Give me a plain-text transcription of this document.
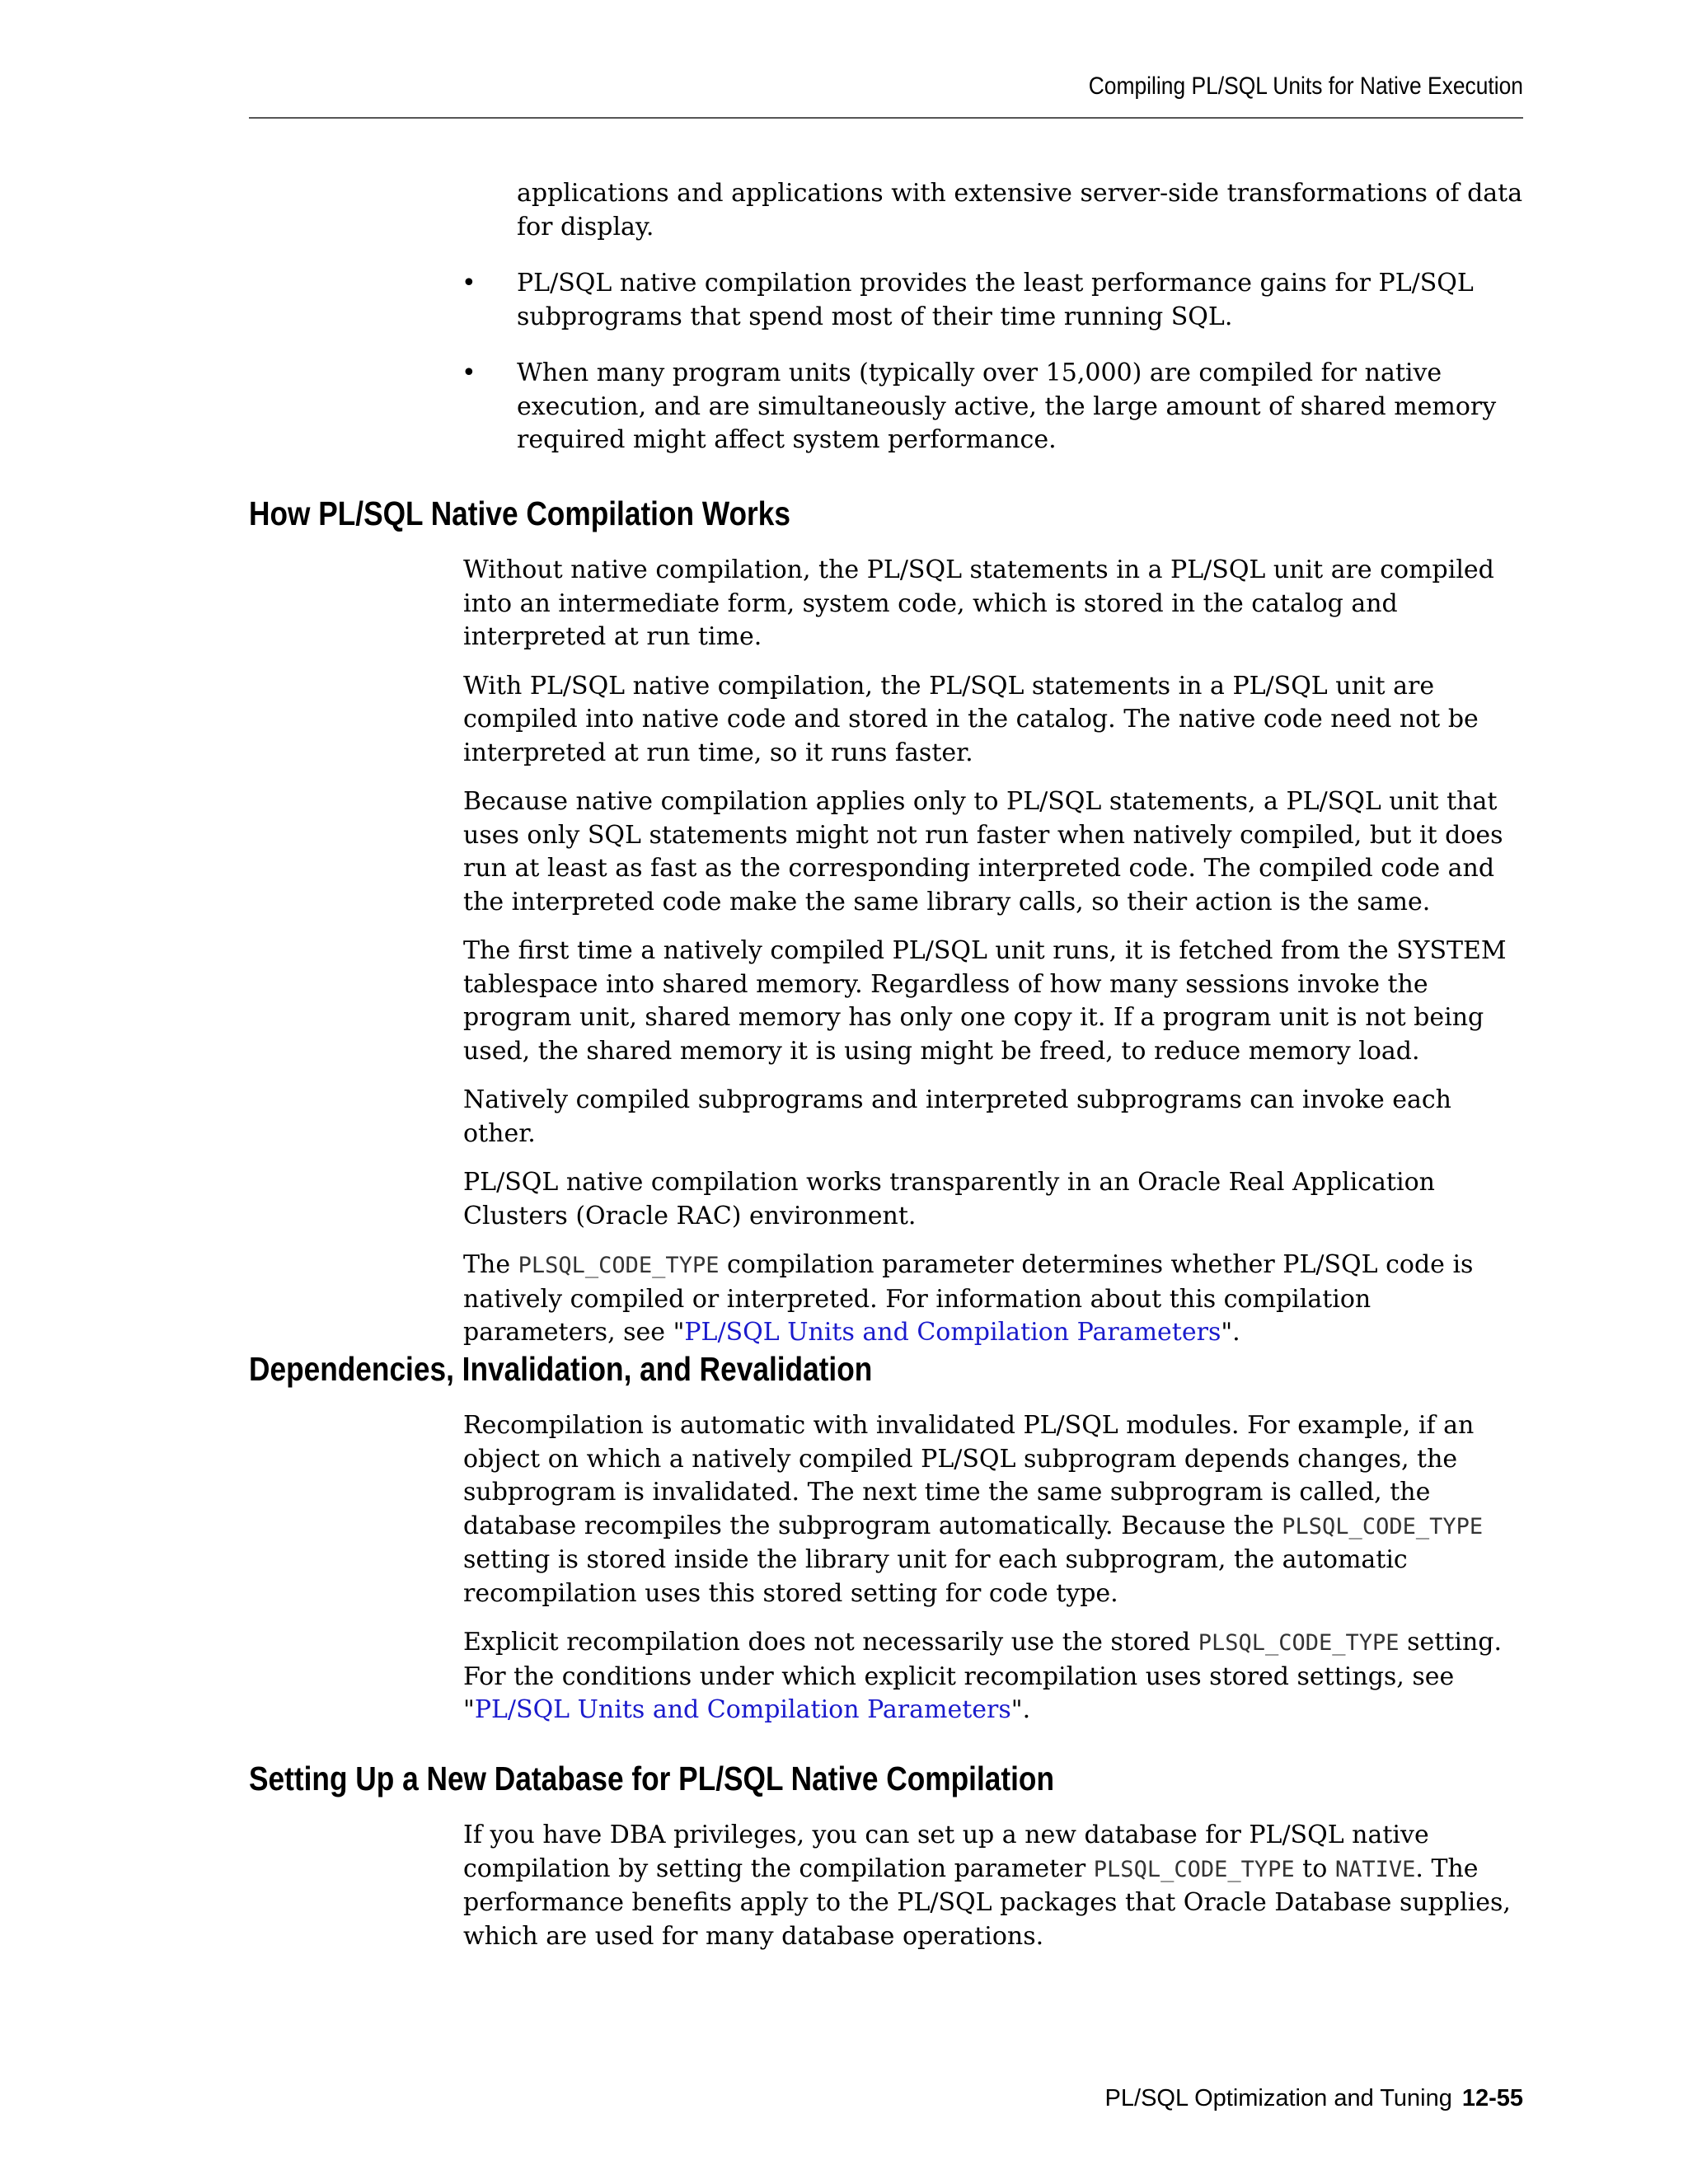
Compiling PL/SQL Units for Native Execution

applications and applications with extensive server-side transformations of data for display.

• PL/SQL native compilation provides the least performance gains for PL/SQL subprograms that spend most of their time running SQL.
• When many program units (typically over 15,000) are compiled for native execution, and are simultaneously active, the large amount of shared memory required might affect system performance.
How PL/SQL Native Compilation Works

Without native compilation, the PL/SQL statements in a PL/SQL unit are compiled into an intermediate form, system code, which is stored in the catalog and interpreted at run time.

With PL/SQL native compilation, the PL/SQL statements in a PL/SQL unit are compiled into native code and stored in the catalog. The native code need not be interpreted at run time, so it runs faster.

Because native compilation applies only to PL/SQL statements, a PL/SQL unit that uses only SQL statements might not run faster when natively compiled, but it does run at least as fast as the corresponding interpreted code. The compiled code and the interpreted code make the same library calls, so their action is the same.

The first time a natively compiled PL/SQL unit runs, it is fetched from the SYSTEM tablespace into shared memory. Regardless of how many sessions invoke the program unit, shared memory has only one copy it. If a program unit is not being used, the shared memory it is using might be freed, to reduce memory load.

Natively compiled subprograms and interpreted subprograms can invoke each other.

PL/SQL native compilation works transparently in an Oracle Real Application Clusters (Oracle RAC) environment.

The PLSQL_CODE_TYPE compilation parameter determines whether PL/SQL code is natively compiled or interpreted. For information about this compilation parameters, see "PL/SQL Units and Compilation Parameters".

Dependencies, Invalidation, and Revalidation

Recompilation is automatic with invalidated PL/SQL modules. For example, if an object on which a natively compiled PL/SQL subprogram depends changes, the subprogram is invalidated. The next time the same subprogram is called, the database recompiles the subprogram automatically. Because the PLSQL_CODE_TYPE setting is stored inside the library unit for each subprogram, the automatic recompilation uses this stored setting for code type.

Explicit recompilation does not necessarily use the stored PLSQL_CODE_TYPE setting. For the conditions under which explicit recompilation uses stored settings, see "PL/SQL Units and Compilation Parameters".

Setting Up a New Database for PL/SQL Native Compilation

If you have DBA privileges, you can set up a new database for PL/SQL native compilation by setting the compilation parameter PLSQL_CODE_TYPE to NATIVE. The performance benefits apply to the PL/SQL packages that Oracle Database supplies, which are used for many database operations.

PL/SQL Optimization and Tuning 12-55
